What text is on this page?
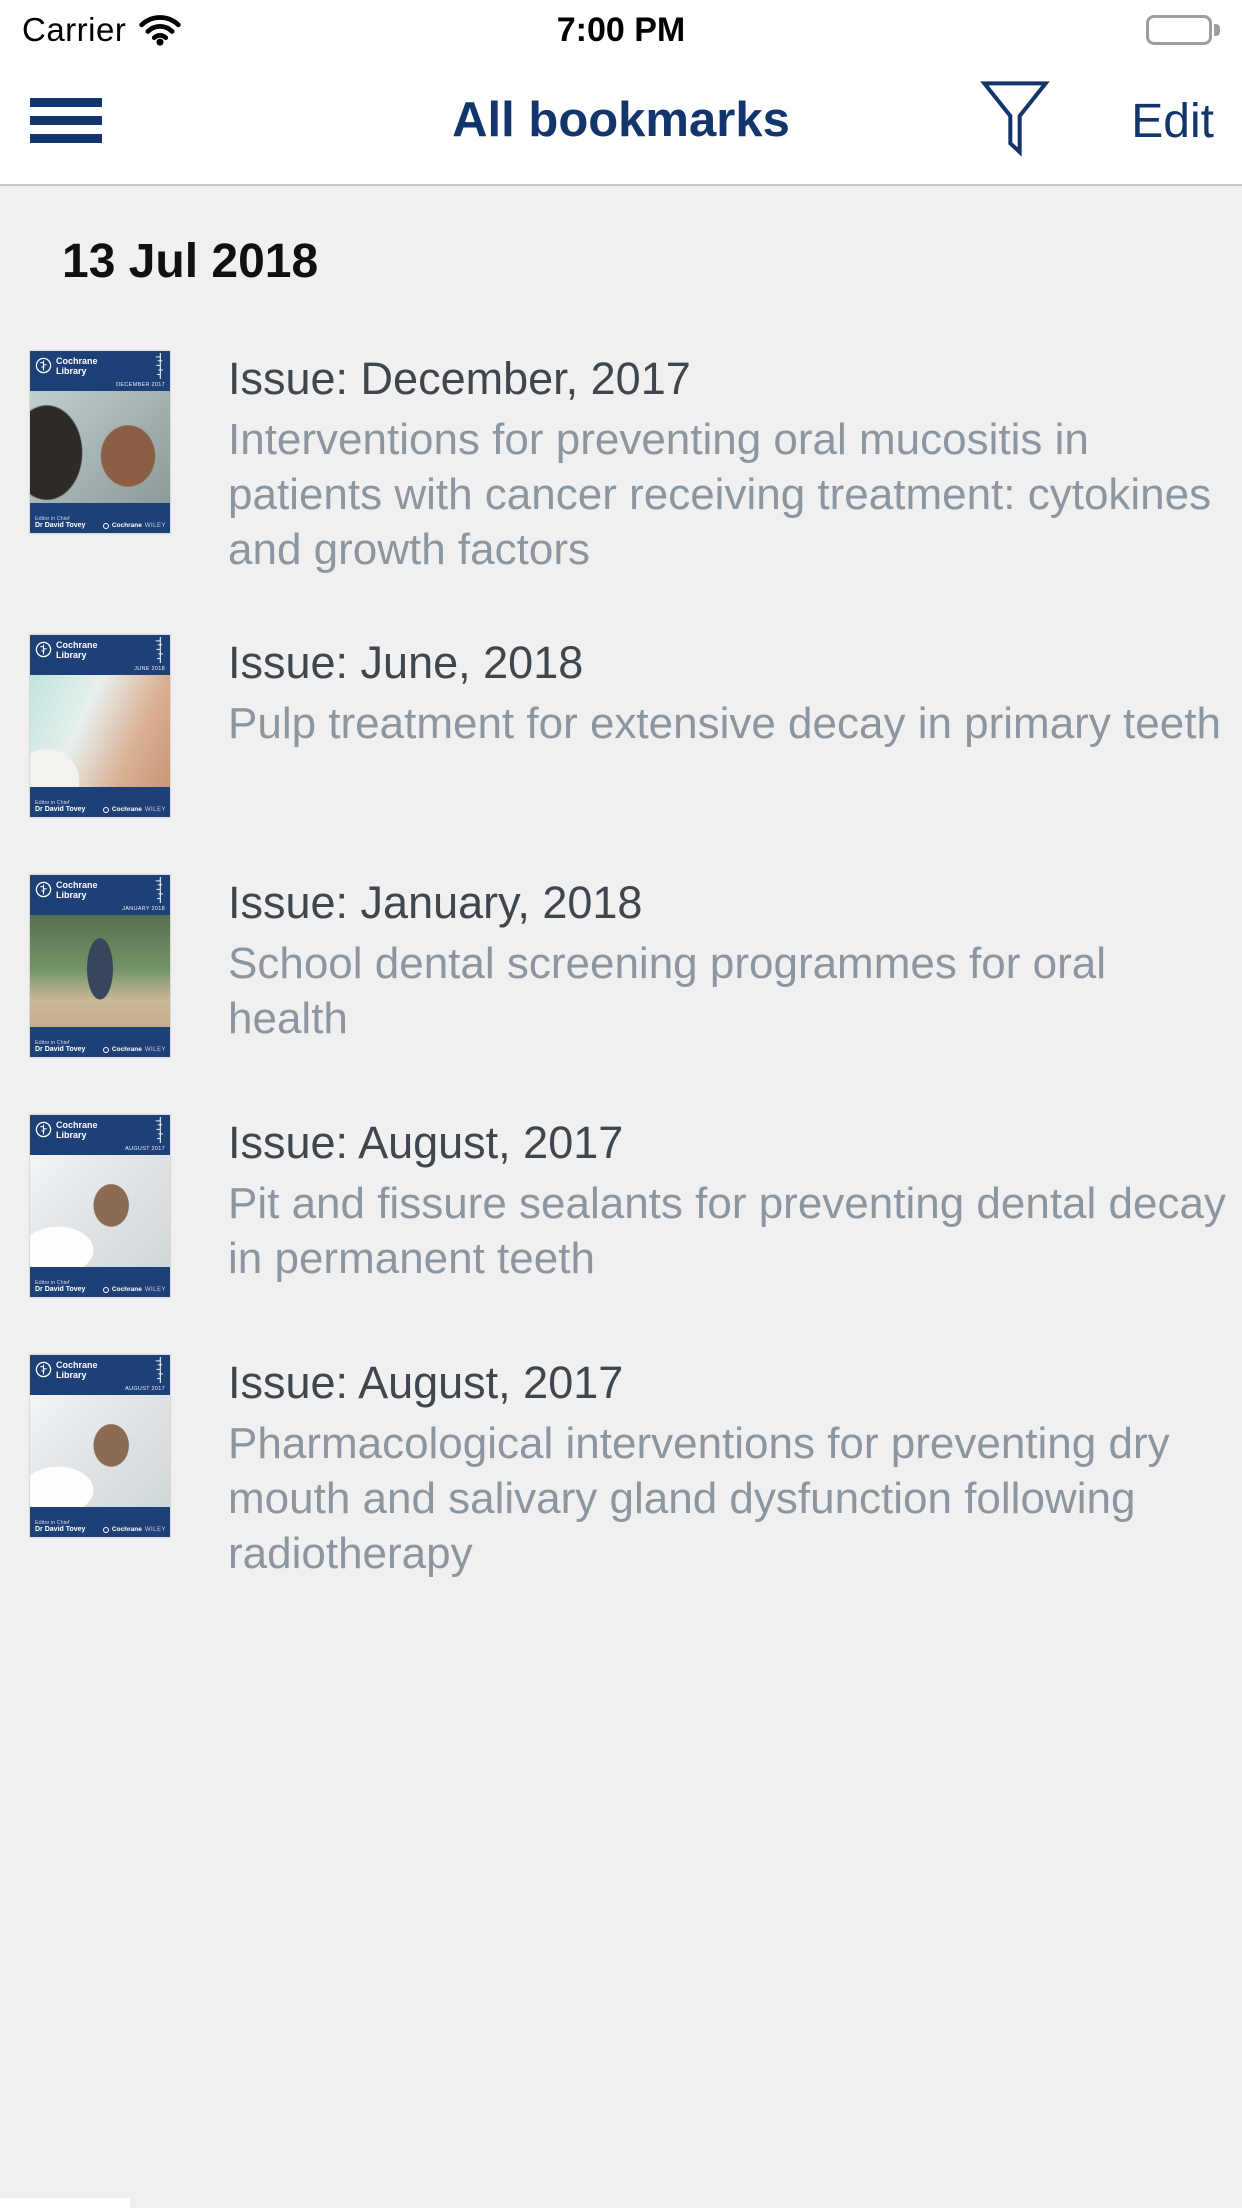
Carrier	7:00 PM
All bookmarks	Edit
13 Jul 2018
Cochrane Library
DECEMBER 2017
Editor in Chief
Dr David Tovey	Cochrane WILEY
Issue: December, 2017
Interventions for preventing oral mucositis in patients with cancer receiving treatment: cytokines and growth factors
Cochrane Library
JUNE 2018
Editor in Chief
Dr David Tovey	Cochrane WILEY
Issue: June, 2018
Pulp treatment for extensive decay in primary teeth
Cochrane Library
JANUARY 2018
Editor in Chief
Dr David Tovey	Cochrane WILEY
Issue: January, 2018
School dental screening programmes for oral health
Cochrane Library
AUGUST 2017
Editor in Chief
Dr David Tovey	Cochrane WILEY
Issue: August, 2017
Pit and fissure sealants for preventing dental decay in permanent teeth
Cochrane Library
AUGUST 2017
Editor in Chief
Dr David Tovey	Cochrane WILEY
Issue: August, 2017
Pharmacological interventions for preventing dry mouth and salivary gland dysfunction following radiotherapy
